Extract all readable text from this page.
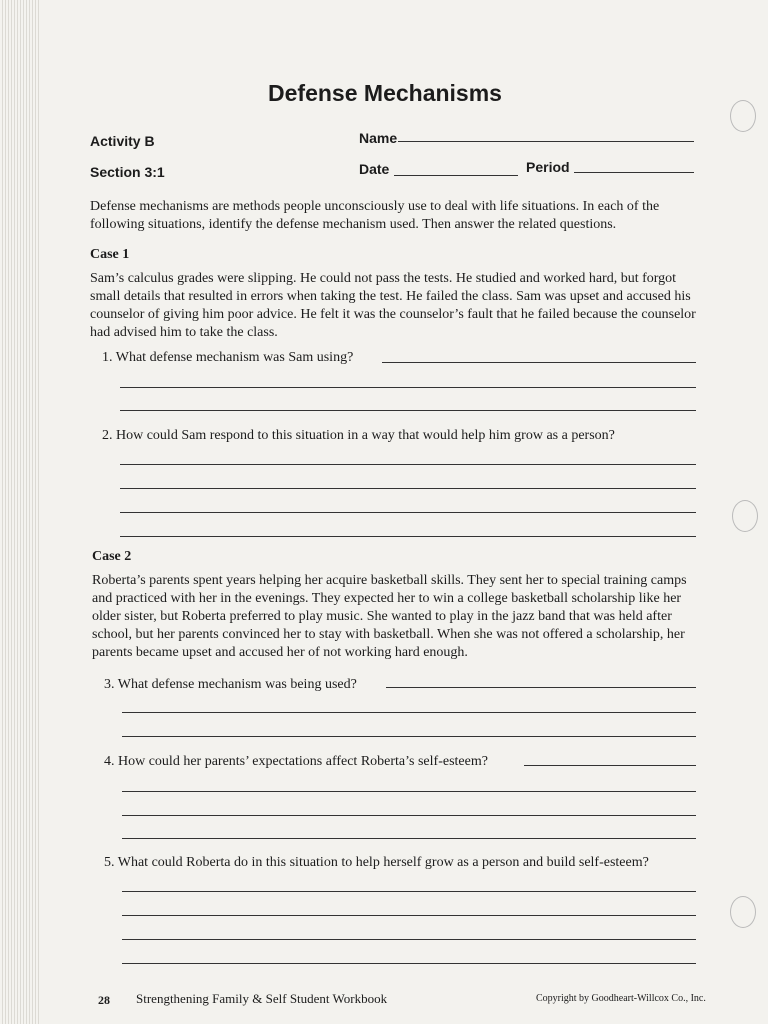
Defense Mechanisms
Activity B
Section 3:1
Name
Date	Period
Defense mechanisms are methods people unconsciously use to deal with life situations. In each of the following situations, identify the defense mechanism used. Then answer the related questions.
Case 1
Sam’s calculus grades were slipping. He could not pass the tests. He studied and worked hard, but forgot small details that resulted in errors when taking the test. He failed the class. Sam was upset and accused his counselor of giving him poor advice. He felt it was the counselor’s fault that he failed because the counselor had advised him to take the class.
1. What defense mechanism was Sam using?
2. How could Sam respond to this situation in a way that would help him grow as a person?
Case 2
Roberta’s parents spent years helping her acquire basketball skills. They sent her to special training camps and practiced with her in the evenings. They expected her to win a college basketball scholarship like her older sister, but Roberta preferred to play music. She wanted to play in the jazz band that was held after school, but her parents convinced her to stay with basketball. When she was not offered a scholarship, her parents became upset and accused her of not working hard enough.
3. What defense mechanism was being used?
4. How could her parents’ expectations affect Roberta’s self-esteem?
5. What could Roberta do in this situation to help herself grow as a person and build self-esteem?
28 Strengthening Family & Self Student Workbook	Copyright by Goodheart-Willcox Co., Inc.
